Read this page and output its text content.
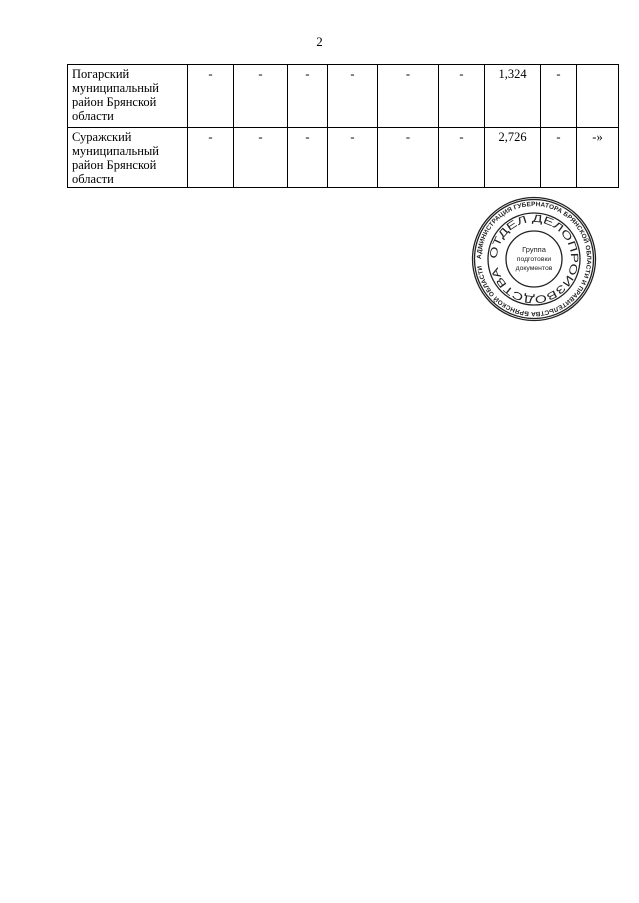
2
Погарский муниципальный район Брянской области	-	-	-	-	-	-	1,324	-	
Суражский муниципальный район Брянской области	-	-	-	-	-	-	2,726	-	-»
АДМИНИСТРАЦИЯ ГУБЕРНАТОРА БРЯНСКОЙ ОБЛАСТИ И ПРАВИТЕЛЬСТВА БРЯНСКОЙ ОБЛАСТИ
ОТДЕЛ ДЕЛОПРОИЗВОДСТВА
Группа
подготовки
документов
